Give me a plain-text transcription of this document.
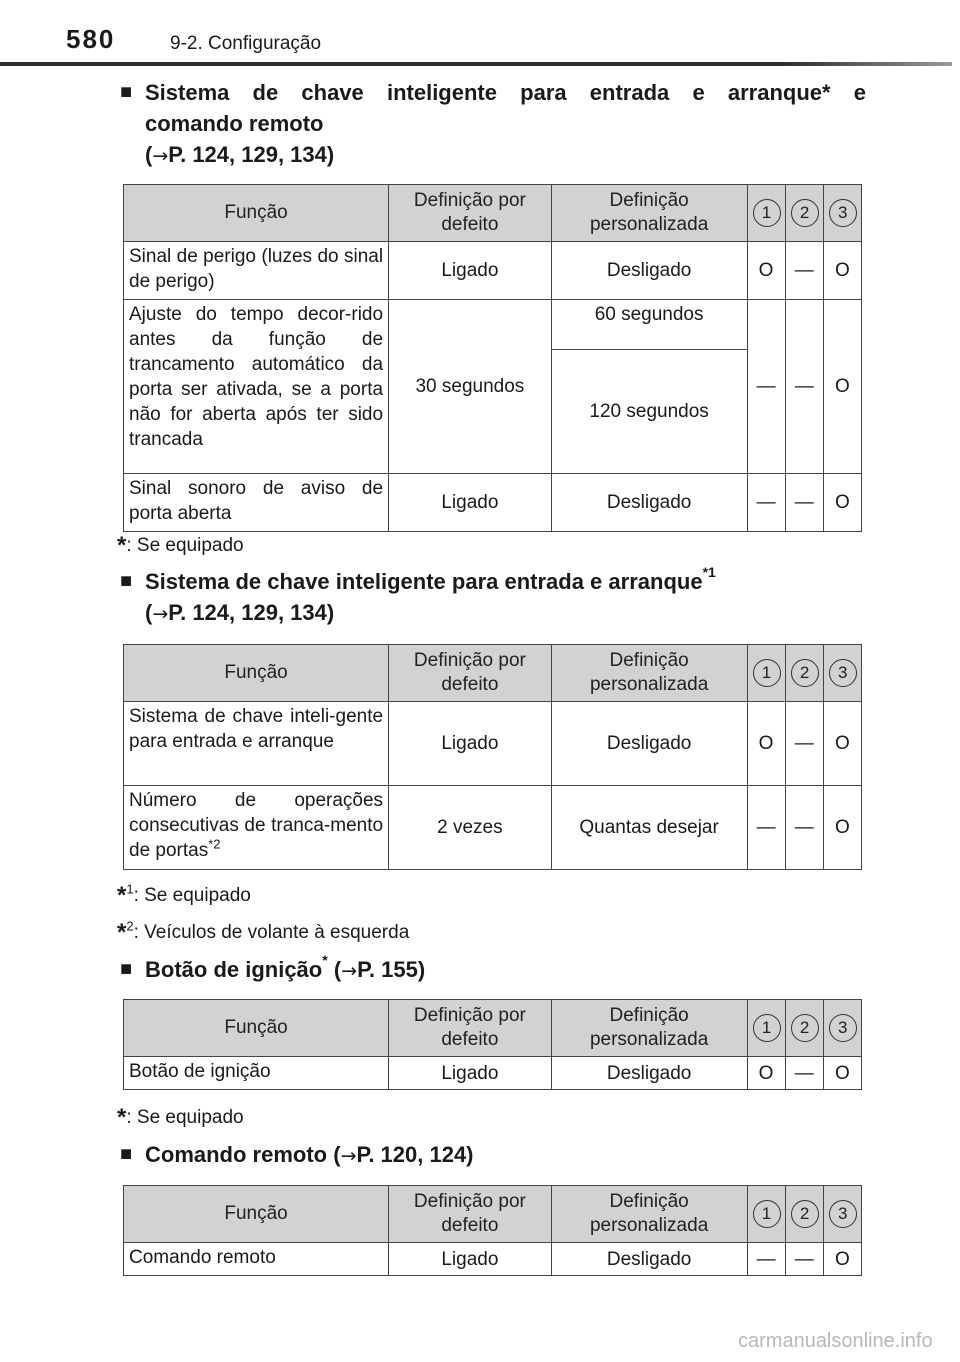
580	9-2. Configuração
■ Sistema de chave inteligente para entrada e arranque* e
comando remoto
(→P. 124, 129, 134)
Função	Definição por defeito	Definição personalizada	1	2	3
Sinal de perigo (luzes do sinal de perigo)	Ligado	Desligado	O	—	O
Ajuste do tempo decor-rido antes da função de trancamento automático da porta ser ativada, se a porta não for aberta após ter sido trancada	30 segundos	60 segundos	—	—	O
		120 segundos			
Sinal sonoro de aviso de porta aberta	Ligado	Desligado	—	—	O
*: Se equipado
■ Sistema de chave inteligente para entrada e arranque$^{*1}$
(→P. 124, 129, 134)
Função	Definição por defeito	Definição personalizada	1	2	3
Sistema de chave inteli-gente para entrada e arranque	Ligado	Desligado	O	—	O
Número de operações consecutivas de tranca-mento de portas$^{*2}$	2 vezes	Quantas desejar	—	—	O
*$^1$: Se equipado
*$^2$: Veículos de volante à esquerda
■ Botão de ignição* (→P. 155)
Função	Definição por defeito	Definição personalizada	1	2	3
Botão de ignição	Ligado	Desligado	O	—	O
*: Se equipado
■ Comando remoto (→P. 120, 124)
Função	Definição por defeito	Definição personalizada	1	2	3
Comando remoto	Ligado	Desligado	—	—	O
carmanualsonline.info
